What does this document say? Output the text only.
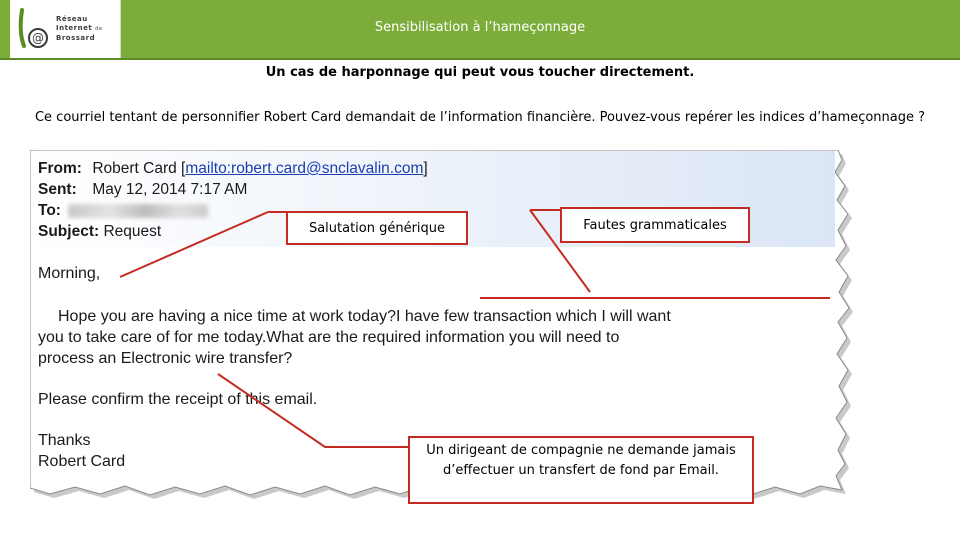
@
Réseau
Internet de
Brossard
Sensibilisation à l’hameçonnage
Un cas de harponnage qui peut vous toucher directement.
Ce courriel tentant de personnifier Robert Card demandait de l’information financière. Pouvez-vous repérer les indices d’hameçonnage ?
From: Robert Card [mailto:robert.card@snclavalin.com]
Sent: May 12, 2014 7:17 AM
To:
Subject: Request
Morning,
Hope you are having a nice time at work today?I have few transaction which I will want
you to take care of for me today.What are the required information you will need to
process an Electronic wire transfer?
Please confirm the receipt of this email.
Thanks
Robert Card
Salutation générique	Fautes grammaticales
Un dirigeant de compagnie ne demande jamais d’effectuer un transfert de fond par Email.
